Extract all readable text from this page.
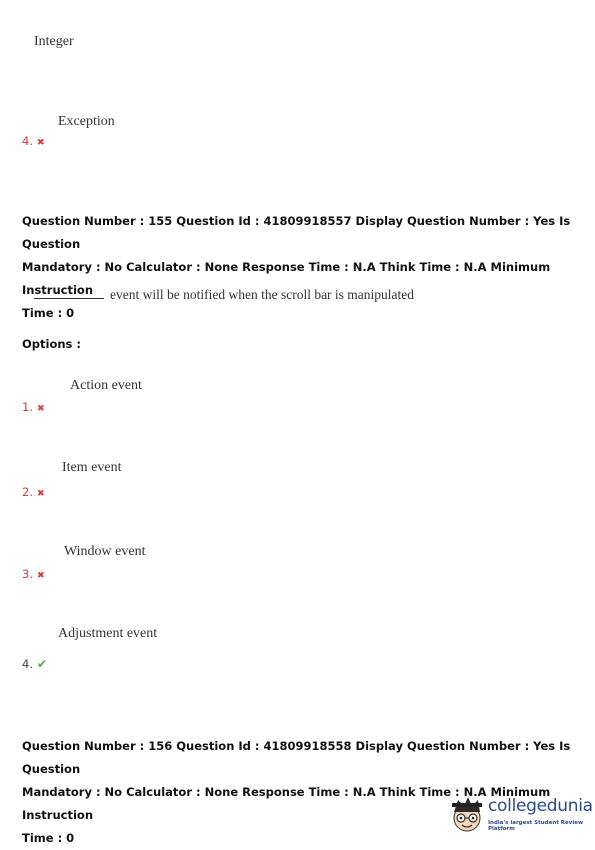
Integer
Exception
4. ✖
Question Number : 155 Question Id : 41809918557 Display Question Number : Yes Is Question
Mandatory : No Calculator : None Response Time : N.A Think Time : N.A Minimum Instruction
Time : 0
event will be notified when the scroll bar is manipulated
Options :
Action event
1. ✖
Item event
2. ✖
Window event
3. ✖
Adjustment event
4. ✔
Question Number : 156 Question Id : 41809918558 Display Question Number : Yes Is Question
Mandatory : No Calculator : None Response Time : N.A Think Time : N.A Minimum Instruction
Time : 0
collegedunia
India's largest Student Review Platform
